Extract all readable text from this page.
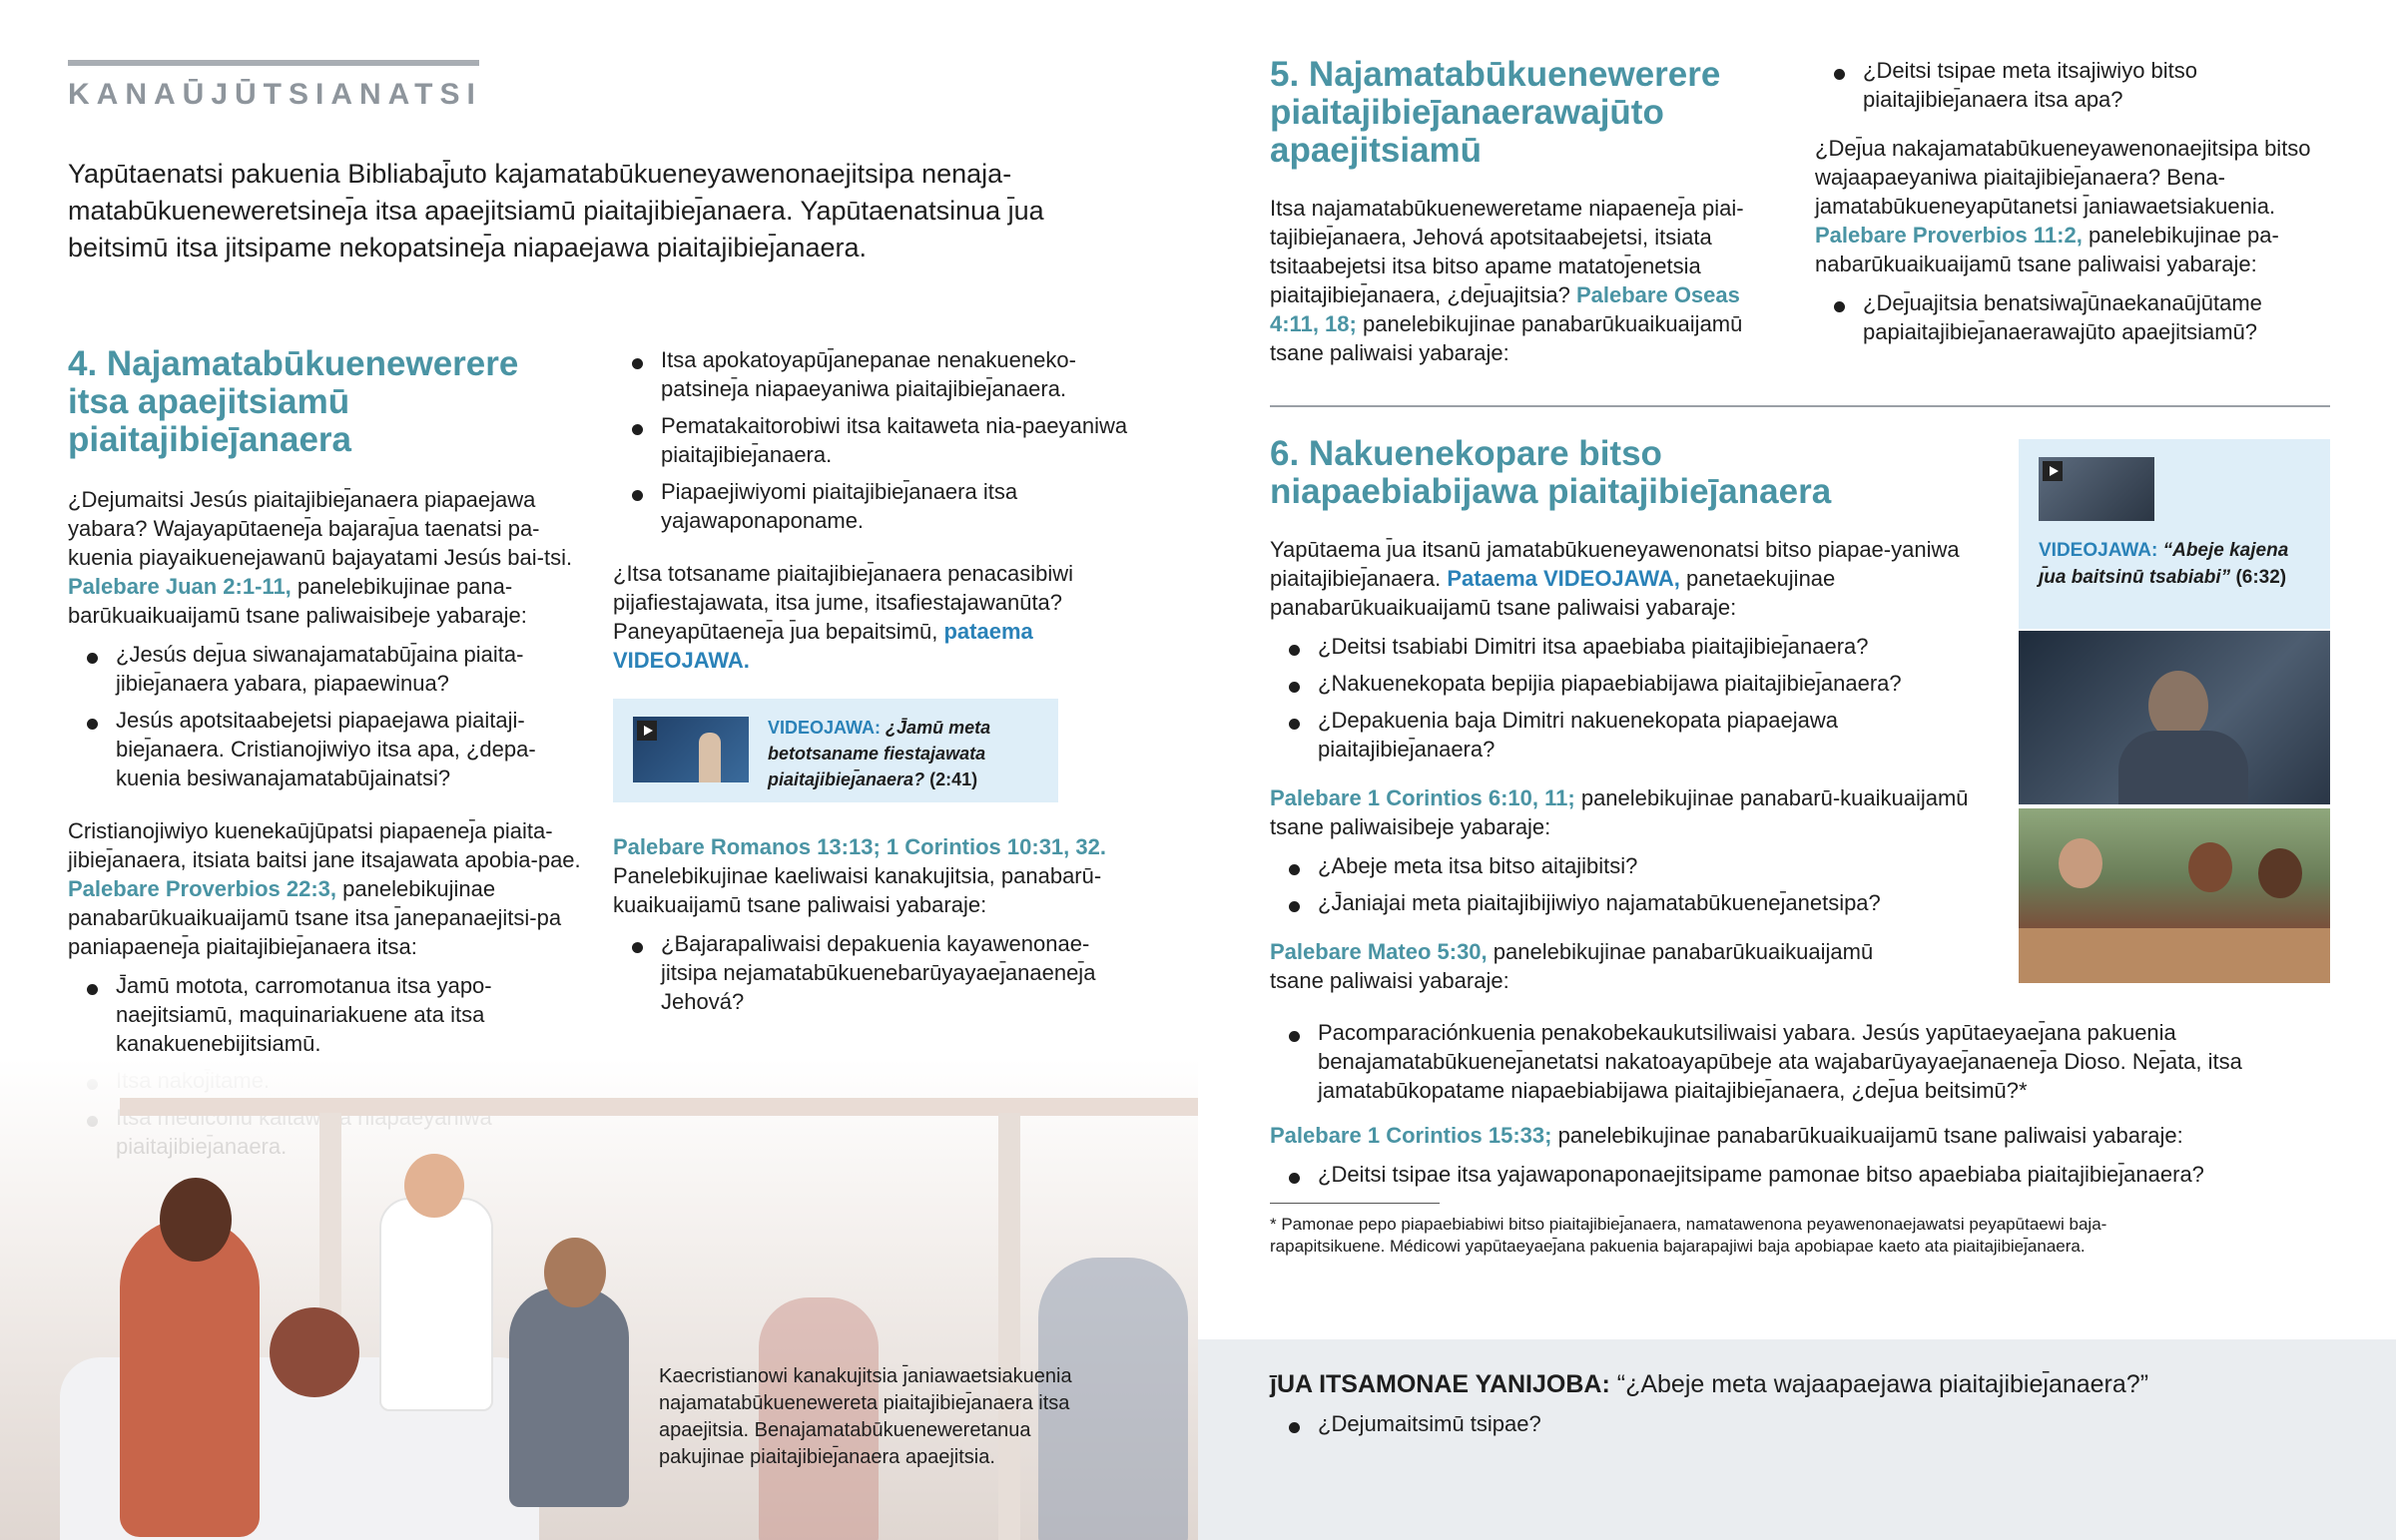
KANAŪJŪTSIANATSI

Yapūtaenatsi pakuenia Bibliabaj̄uto kajamatabūkueneyawenonaejitsipa nenaja-matabūkueneweretsineȷ̄a itsa apaejitsiamū piaitajibieȷ̄anaera. Yapūtaenatsinua ȷ̄ua beitsimū itsa jitsipame nekopatsineȷ̄a niapaejawa piaitajibieȷ̄anaera.

4. Najamatabūkuenewerere itsa apaejitsiamū piaitajibieȷ̄anaera

¿Dejumaitsi Jesús piaitajibieȷ̄anaera piapaejawa yabara? Wajayapūtaeneȷ̄a bajaraȷ̄ua taenatsi pa-kuenia piayaikuenejawanū bajayatami Jesús bai-tsi. Palebare Juan 2:1-11, panelebikujinae pana-barūkuaikuaijamū tsane paliwaisibeje yabaraje:

¿Jesús deȷ̄ua siwanajamatabūȷ̄aina piaita-jibieȷ̄anaera yabara, piapaewinua?
Jesús apotsitaabejetsi piapaejawa piaitaji-bieȷ̄anaera. Cristianojiwiyo itsa apa, ¿depa-kuenia besiwanajamatabūjainatsi?

Cristianojiwiyo kuenekaūjūpatsi piapaeneȷ̄a piaita-jibieȷ̄anaera, itsiata baitsi jane itsajawata apobia-pae. Palebare Proverbios 22:3, panelebikujinae panabarūkuaikuaijamū tsane itsa ȷ̄anepanaejitsi-pa paniapaeneȷ̄a piaitajibieȷ̄anaera itsa:

J̄amū motota, carromotanua itsa yapo-naejitsiamū, maquinariakuene ata itsa kanakuenebijitsiamū.
Itsa apokatoyapūȷ̄anepanae nenakueneko-patsineȷ̄a niapaeyaniwa piaitajibieȷ̄anaera.
Pematakaitorobiwi itsa kaitaweta nia-paeyaniwa piaitajibieȷ̄anaera.
Piapaejiwiyomi piaitajibieȷ̄anaera itsa yajawaponaponame.

¿Itsa totsaname piaitajibieȷ̄anaera penacasibiwi pijafiestajawata, itsa jume, itsafiestajawanūta? Paneyapūtaeneȷ̄a ȷ̄ua bepaitsimū, pataema VIDEOJAWA.

VIDEOJAWA: ¿J̄amū meta betotsaname fiestajawata piaitajibieȷ̄anaera? (2:41)

Palebare Romanos 13:13; 1 Corintios 10:31, 32. Panelebikujinae kaeliwaisi kanakujitsia, panabarū-kuaikuaijamū tsane paliwaisi yabaraje:

¿Bajarapaliwaisi depakuenia kayawenonae-jitsipa nejamatabūkuenebarūyayaeȷ̄anaeneȷ̄a Jehová?

Kaecristianowi kanakujitsia ȷ̄aniawaetsiakuenia najamatabūkuenewereta piaitajibieȷ̄anaera itsa apaejitsia. Benajamatabūkuenewеretanua pakujinae piaitajibieȷ̄anaera apaejitsia.

5. Najamatabūkuenewerere piaitajibieȷ̄anaerawajūto apaejitsiamū

Itsa najamatabūkuenеweretame niapaeneȷ̄a piai-tajibieȷ̄anaera, Jehová apotsitaabejetsi, itsiata tsitaabejetsi itsa bitso apame matatoȷ̄enetsia piaitajibieȷ̄anaera, ¿deȷ̄uajitsia? Palebare Oseas 4:11, 18; panelebikujinae panabarūkuaikuaijamū tsane paliwaisi yabaraje:

¿Deitsi tsipae meta itsajiwiyo bitso piaitajibieȷ̄anaera itsa apa?

¿Deȷ̄ua nakajamatabūkueneyawenonaejitsipa bitso wajaapaeyaniwa piaitajibieȷ̄anaera? Bena-jamatabūkueneyapūtanetsi ȷ̄aniawaetsiakuenia. Palebare Proverbios 11:2, panelebikujinae pa-nabarūkuaikuaijamū tsane paliwaisi yabaraje:

¿Deȷ̄uajitsia benatsiwaȷ̄ūnaekanaūjūtame papiaitajibieȷ̄anaerawajūto apaejitsiamū?
6. Nakuenekopare bitso niapaebiabijawa piaitajibieȷ̄anaera

Yapūtaema ȷ̄ua itsanū jamatabūkueneyawenonatsi bitso piapae-yaniwa piaitajibieȷ̄anaera. Pataema VIDEOJAWA, panetaekujinae panabarūkuaikuaijamū tsane paliwaisi yabaraje:

¿Deitsi tsabiabi Dimitri itsa apaebiaba piaitajibieȷ̄anaera?
¿Nakuenekopata bepijia piapaebiabijawa piaitajibieȷ̄anaera?
¿Depakuenia baja Dimitri nakuenekopata piapaejawa piaitajibieȷ̄anaera?

Palebare 1 Corintios 6:10, 11; panelebikujinae panabarū-kuaikuaijamū tsane paliwaisibeje yabaraje:

¿Abeje meta itsa bitso aitajibitsi?
¿J̄aniajai meta piaitajibijiwiyo najamatabūkueneȷ̄anetsipa?

Palebare Mateo 5:30, panelebikujinae panabarūkuaikuaijamū tsane paliwaisi yabaraje:

Pacomparaciónkuenia penakobekaukutsiliwaisi yabara. Jesús yapūtaeyaeȷ̄ana pakuenia benajamatabūkueneȷ̄anetatsi nakatoayapūbeje ata wajabarūyayaeȷ̄anaeneȷ̄a Dioso. Neȷ̄ata, itsa jamatabūkopatame niapaebiabijawa piaitajibieȷ̄anaera, ¿deȷ̄ua beitsimū?*

Palebare 1 Corintios 15:33; panelebikujinae panabarūkuaikuaijamū tsane paliwaisi yabaraje:

¿Deitsi tsipae itsa yajawaponaponaejitsipame pamonae bitso apaebiaba piaitajibieȷ̄anaera?

* Pamonae pepo piapaebiabiwi bitso piaitajibieȷ̄anaera, namatawenona peyawenonaejawatsi peyapūtaewi baja-rapapitsikuene. Médicowi yapūtaeyaeȷ̄ana pakuenia bajarapajiwi baja apobiapae kaeto ata piaitajibieȷ̄anaera.

VIDEOJAWA: “Abeje kajena ȷ̄ua baitsinū tsabiabi” (6:32)

ȷ̄UA ITSAMONAE YANIJOBA: “¿Abeje meta wajaapaejawa piaitajibieȷ̄anaera?”

¿Dejumaitsimū tsipae?
